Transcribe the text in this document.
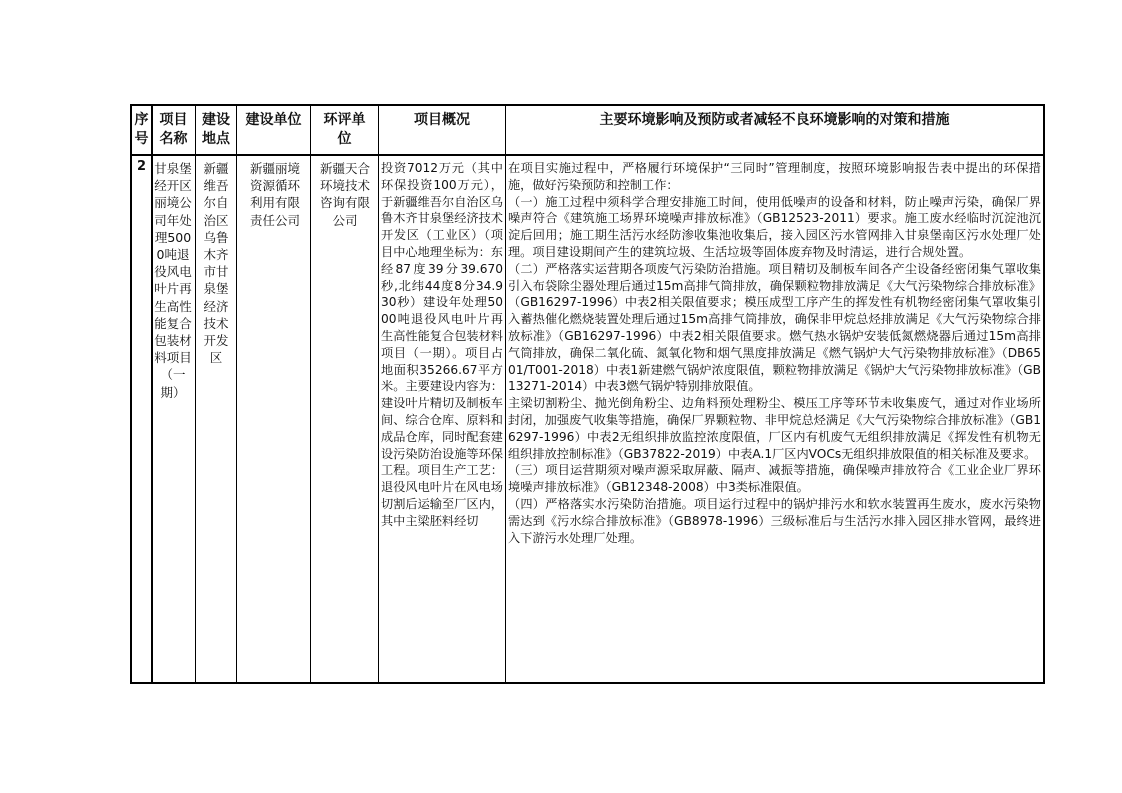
序号
项目名称
建设地点
建设单位	环评单位
项目概况	主要环境影响及预防或者减轻不良环境影响的对策和措施
2 甘泉堡经开区丽境公司年处理5000吨退役风电叶片再生高性能复合包装材料项目（一期）
新疆维吾尔自治区乌鲁木齐市甘泉堡经济技术开发区
新疆丽境资源循环利用有限责任公司
新疆天合环境技术咨询有限公司
投资7012万元（其中环保投资100万元），于新疆维吾尔自治区乌鲁木齐甘泉堡经济技术开发区（工业区）（项目中心地理坐标为：东经87度39分39.670秒,北纬44度8分34.930秒）建设年处理5000吨退役风电叶片再生高性能复合包装材料项目（一期）。项目占地面积35266.67平方米。主要建设内容为：建设叶片精切及制板车间、综合仓库、原料和成品仓库，同时配套建设污染防治设施等环保工程。项目生产工艺：退役风电叶片在风电场切割后运输至厂区内，其中主梁胚料经切

在项目实施过程中，严格履行环境保护“三同时”管理制度，按照环境影响报告表中提出的环保措施，做好污染预防和控制工作：

（一）施工过程中须科学合理安排施工时间，使用低噪声的设备和材料，防止噪声污染，确保厂界噪声符合《建筑施工场界环境噪声排放标准》（GB12523-2011）要求。施工废水经临时沉淀池沉淀后回用；施工期生活污水经防渗收集池收集后，接入园区污水管网排入甘泉堡南区污水处理厂处理。项目建设期间产生的建筑垃圾、生活垃圾等固体废弃物及时清运，进行合规处置。

（二）严格落实运营期各项废气污染防治措施。项目精切及制板车间各产尘设备经密闭集气罩收集引入布袋除尘器处理后通过15m高排气筒排放，确保颗粒物排放满足《大气污染物综合排放标准》（GB16297-1996）中表2相关限值要求；模压成型工序产生的挥发性有机物经密闭集气罩收集引入蓄热催化燃烧装置处理后通过15m高排气筒排放，确保非甲烷总烃排放满足《大气污染物综合排放标准》（GB16297-1996）中表2相关限值要求。燃气热水锅炉安装低氮燃烧器后通过15m高排气筒排放，确保二氧化硫、氮氧化物和烟气黑度排放满足《燃气锅炉大气污染物排放标准》（DB6501/T001-2018）中表1新建燃气锅炉浓度限值，颗粒物排放满足《锅炉大气污染物排放标准》（GB13271-2014）中表3燃气锅炉特别排放限值。

主梁切割粉尘、抛光倒角粉尘、边角料预处理粉尘、模压工序等环节未收集废气，通过对作业场所封闭，加强废气收集等措施，确保厂界颗粒物、非甲烷总烃满足《大气污染物综合排放标准》（GB16297-1996）中表2无组织排放监控浓度限值，厂区内有机废气无组织排放满足《挥发性有机物无组织排放控制标准》（GB37822-2019）中表A.1厂区内VOCs无组织排放限值的相关标准及要求。

（三）项目运营期须对噪声源采取屏蔽、隔声、减振等措施，确保噪声排放符合《工业企业厂界环境噪声排放标准》（GB12348-2008）中3类标准限值。

（四）严格落实水污染防治措施。项目运行过程中的锅炉排污水和软水装置再生废水，废水污染物需达到《污水综合排放标准》（GB8978-1996）三级标准后与生活污水排入园区排水管网，最终进入下游污水处理厂处理。
